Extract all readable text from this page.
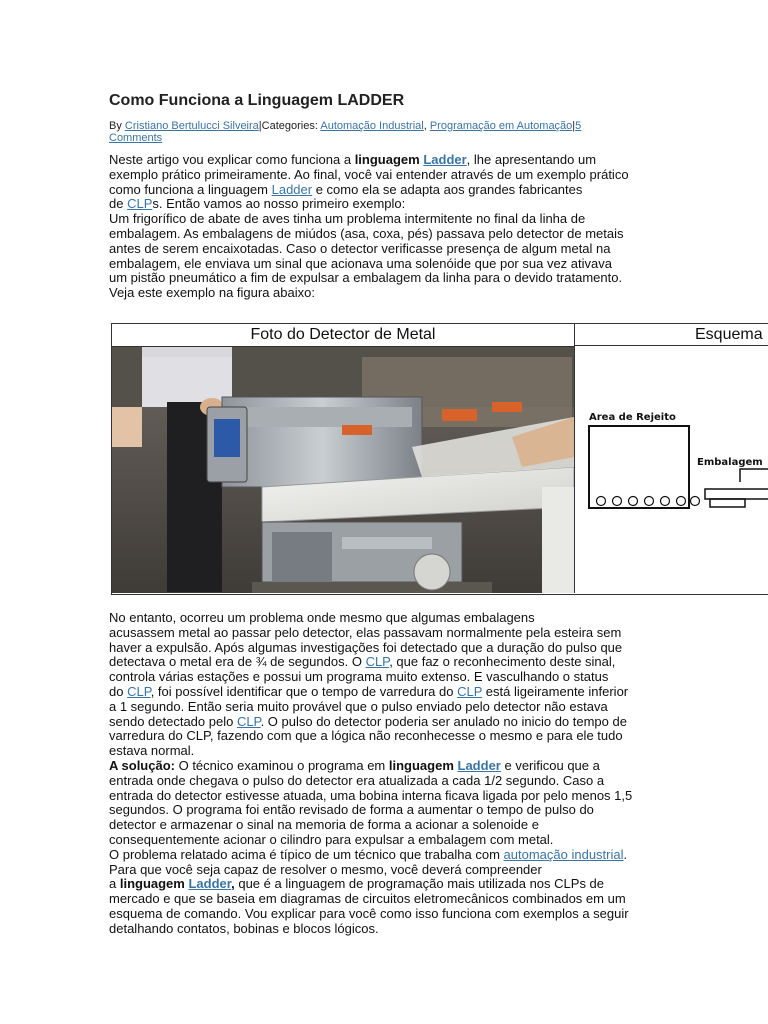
Como Funciona a Linguagem LADDER
By Cristiano Bertulucci Silveira|Categories: Automação Industrial, Programação em Automação|5
Comments
Neste artigo vou explicar como funciona a linguagem Ladder, lhe apresentando um
exemplo prático primeiramente. Ao final, você vai entender através de um exemplo prático
como funciona a linguagem Ladder e como ela se adapta aos grandes fabricantes
de CLPs. Então vamos ao nosso primeiro exemplo:
Um frigorífico de abate de aves tinha um problema intermitente no final da linha de
embalagem. As embalagens de miúdos (asa, coxa, pés) passava pelo detector de metais
antes de serem encaixotadas. Caso o detector verificasse presença de algum metal na
embalagem, ele enviava um sinal que acionava uma solenóide que por sua vez ativava
um pistão pneumático a fim de expulsar a embalagem da linha para o devido tratamento.
Veja este exemplo na figura abaixo:
No entanto, ocorreu um problema onde mesmo que algumas embalagens
acusassem metal ao passar pelo detector, elas passavam normalmente pela esteira sem
haver a expulsão. Após algumas investigações foi detectado que a duração do pulso que
detectava o metal era de ¾ de segundos. O CLP, que faz o reconhecimento deste sinal,
controla várias estações e possui um programa muito extenso. E vasculhando o status
do CLP, foi possível identificar que o tempo de varredura do CLP está ligeiramente inferior
a 1 segundo. Então seria muito provável que o pulso enviado pelo detector não estava
sendo detectado pelo CLP. O pulso do detector poderia ser anulado no inicio do tempo de
varredura do CLP, fazendo com que a lógica não reconhecesse o mesmo e para ele tudo
estava normal.
A solução: O técnico examinou o programa em linguagem Ladder e verificou que a
entrada onde chegava o pulso do detector era atualizada a cada 1/2 segundo. Caso a
entrada do detector estivesse atuada, uma bobina interna ficava ligada por pelo menos 1,5
segundos. O programa foi então revisado de forma a aumentar o tempo de pulso do
detector e armazenar o sinal na memoria de forma a acionar a solenoide e
consequentemente acionar o cilindro para expulsar a embalagem com metal.
O problema relatado acima é típico de um técnico que trabalha com automação industrial.
Para que você seja capaz de resolver o mesmo, você deverá compreender
a linguagem Ladder, que é a linguagem de programação mais utilizada nos CLPs de
mercado e que se baseia em diagramas de circuitos eletromecânicos combinados em um
esquema de comando. Vou explicar para você como isso funciona com exemplos a seguir
detalhando contatos, bobinas e blocos lógicos.
Foto do Detector de Metal	Esquema
Area de Rejeito
Embalagem
